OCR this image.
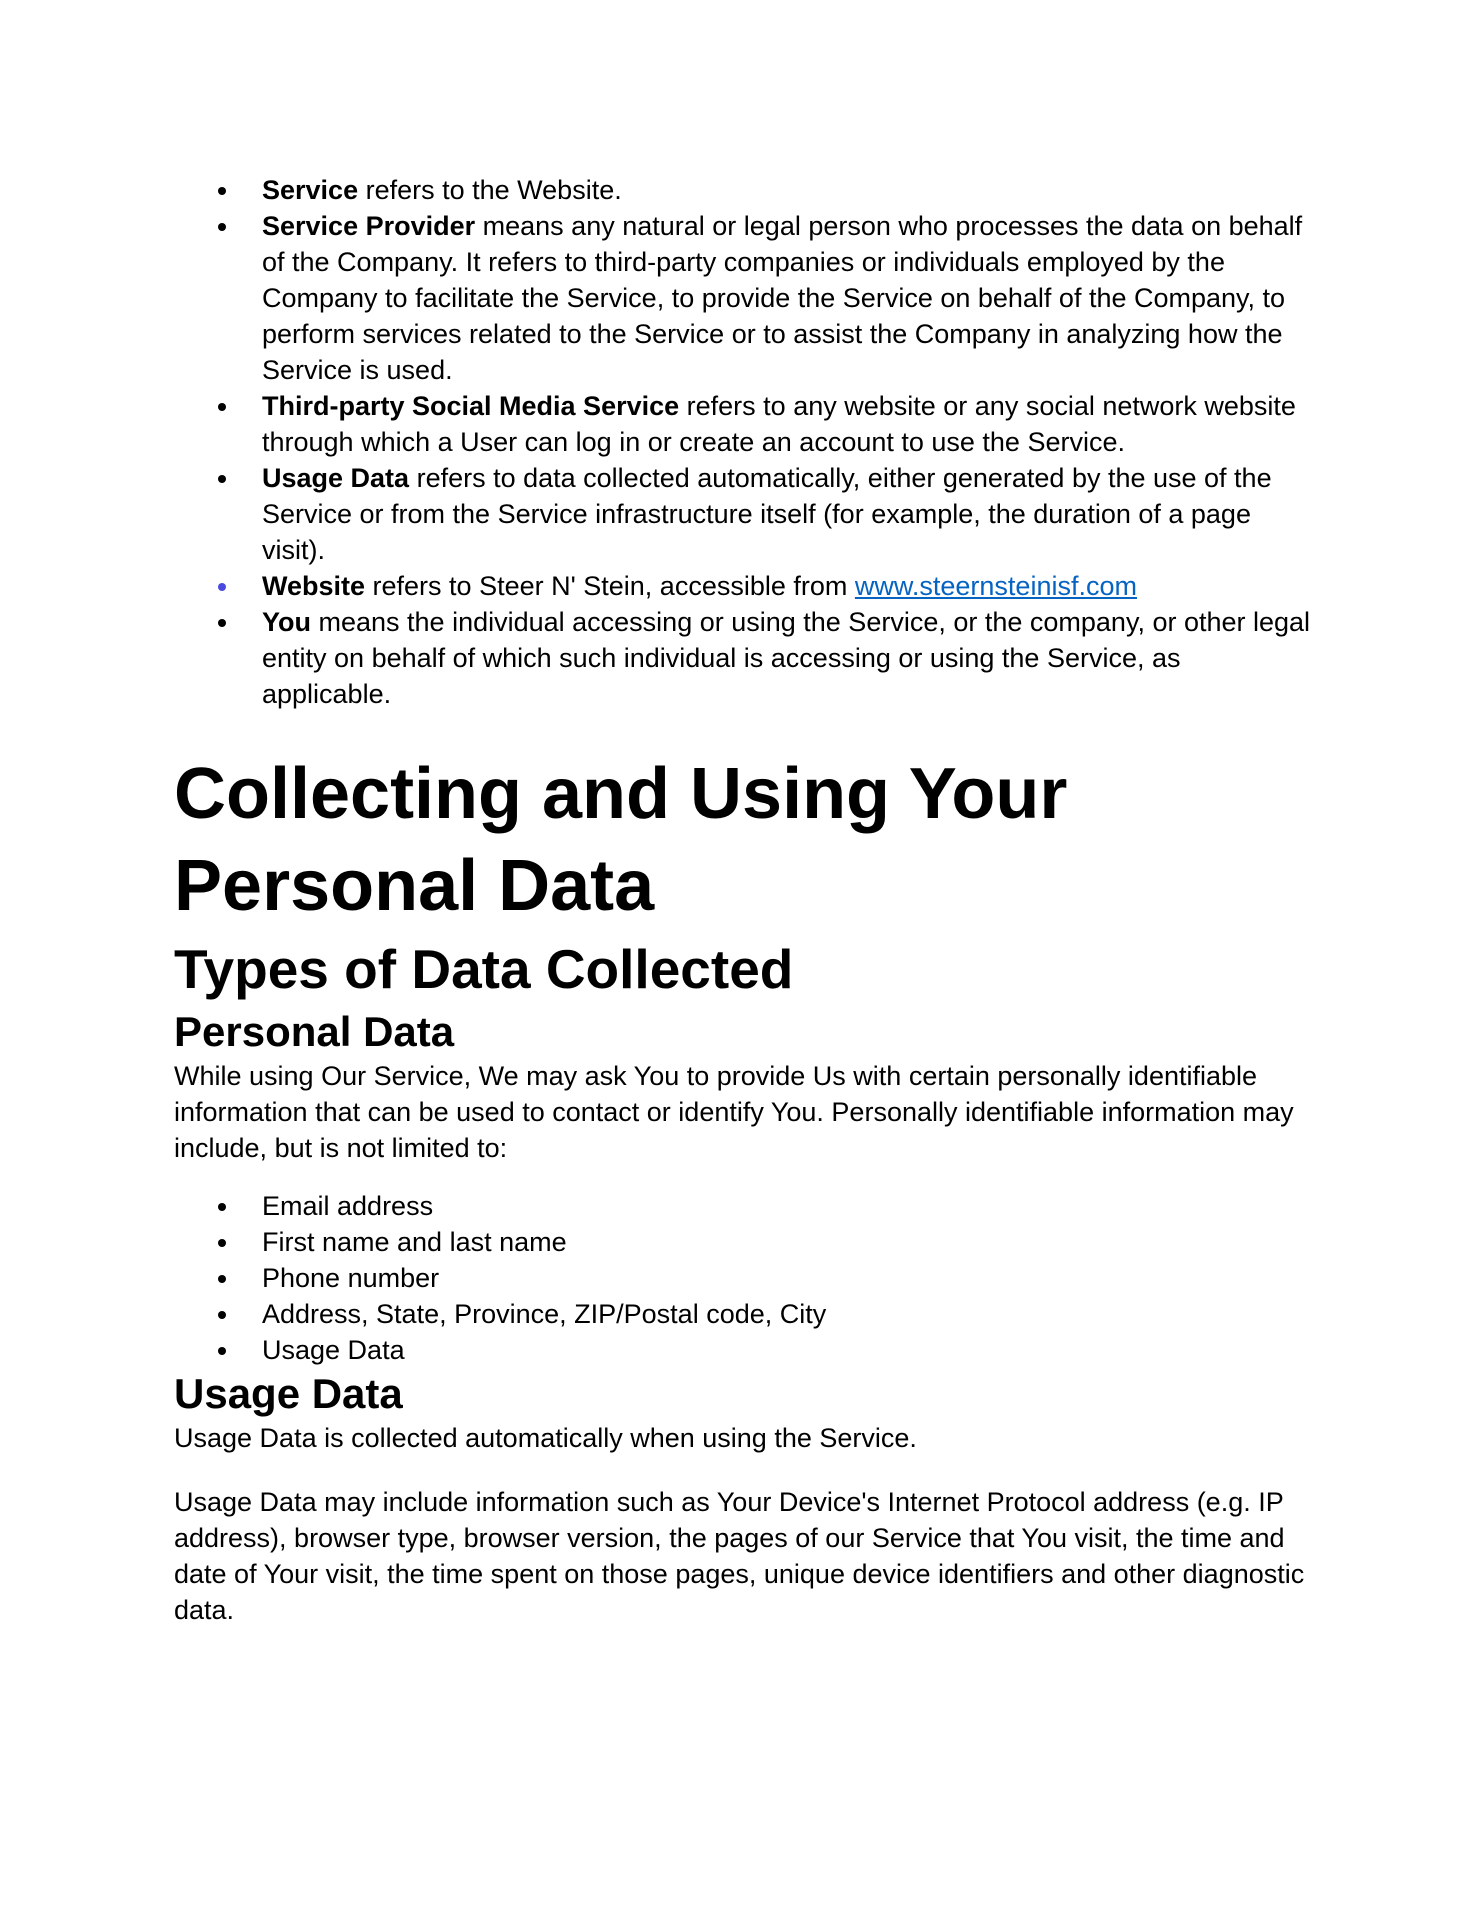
Service refers to the Website.
Service Provider means any natural or legal person who processes the data on behalf of the Company. It refers to third-party companies or individuals employed by the Company to facilitate the Service, to provide the Service on behalf of the Company, to perform services related to the Service or to assist the Company in analyzing how the Service is used.
Third-party Social Media Service refers to any website or any social network website through which a User can log in or create an account to use the Service.
Usage Data refers to data collected automatically, either generated by the use of the Service or from the Service infrastructure itself (for example, the duration of a page visit).
Website refers to Steer N' Stein, accessible from www.steernsteinisf.com
You means the individual accessing or using the Service, or the company, or other legal entity on behalf of which such individual is accessing or using the Service, as applicable.
Collecting and Using Your Personal Data
Types of Data Collected
Personal Data

While using Our Service, We may ask You to provide Us with certain personally identifiable information that can be used to contact or identify You. Personally identifiable information may include, but is not limited to:

Email address
First name and last name
Phone number
Address, State, Province, ZIP/Postal code, City
Usage Data
Usage Data

Usage Data is collected automatically when using the Service.

Usage Data may include information such as Your Device's Internet Protocol address (e.g. IP address), browser type, browser version, the pages of our Service that You visit, the time and date of Your visit, the time spent on those pages, unique device identifiers and other diagnostic data.
